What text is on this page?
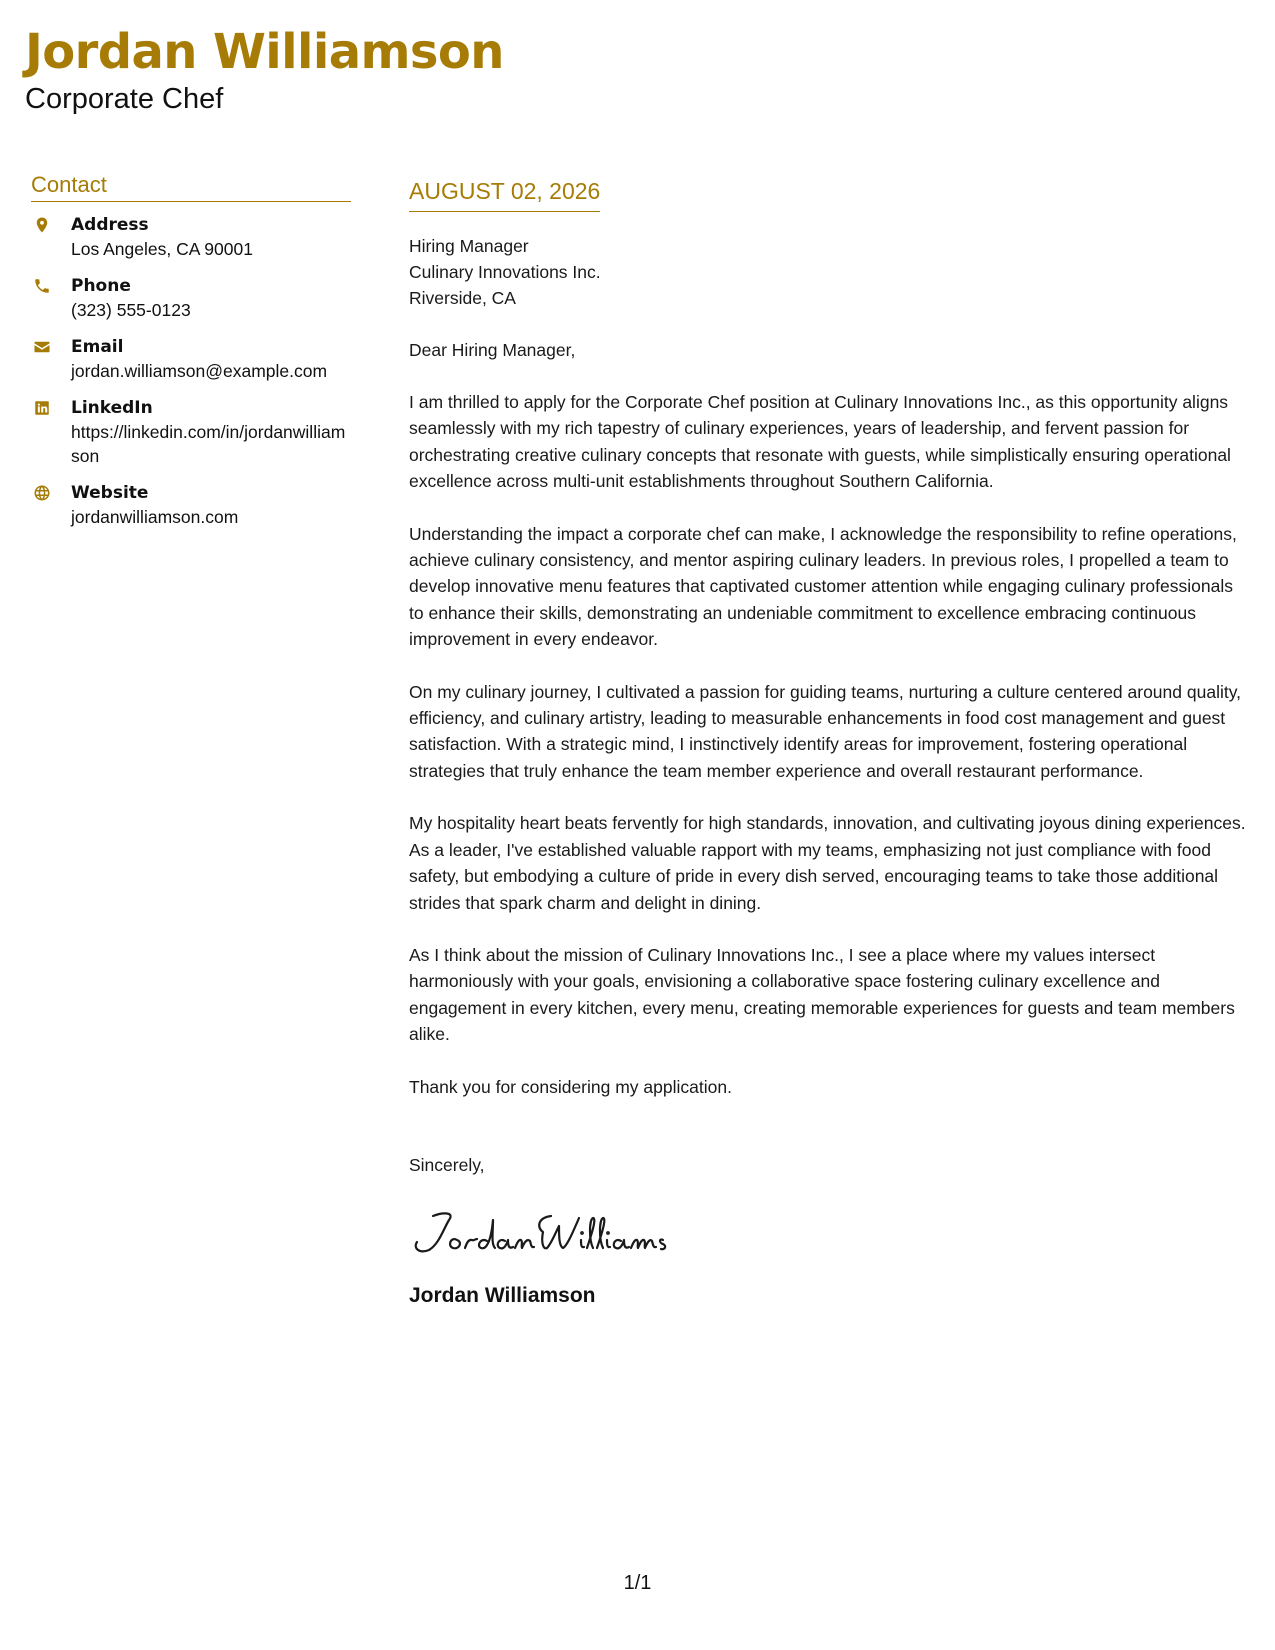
Jordan Williamson
Corporate Chef
Contact
Address
Los Angeles, CA 90001
Phone
(323) 555-0123
Email
jordan.williamson@example.com
LinkedIn
https://linkedin.com/in/jordanwilliamson
Website
jordanwilliamson.com
AUGUST 02, 2026
Hiring Manager
Culinary Innovations Inc.
Riverside, CA
Dear Hiring Manager,

I am thrilled to apply for the Corporate Chef position at Culinary Innovations Inc., as this opportunity aligns seamlessly with my rich tapestry of culinary experiences, years of leadership, and fervent passion for orchestrating creative culinary concepts that resonate with guests, while simplistically ensuring operational excellence across multi-unit establishments throughout Southern California.

Understanding the impact a corporate chef can make, I acknowledge the responsibility to refine operations, achieve culinary consistency, and mentor aspiring culinary leaders. In previous roles, I propelled a team to develop innovative menu features that captivated customer attention while engaging culinary professionals to enhance their skills, demonstrating an undeniable commitment to excellence embracing continuous improvement in every endeavor.

On my culinary journey, I cultivated a passion for guiding teams, nurturing a culture centered around quality, efficiency, and culinary artistry, leading to measurable enhancements in food cost management and guest satisfaction. With a strategic mind, I instinctively identify areas for improvement, fostering operational strategies that truly enhance the team member experience and overall restaurant performance.

My hospitality heart beats fervently for high standards, innovation, and cultivating joyous dining experiences. As a leader, I've established valuable rapport with my teams, emphasizing not just compliance with food safety, but embodying a culture of pride in every dish served, encouraging teams to take those additional strides that spark charm and delight in dining.

As I think about the mission of Culinary Innovations Inc., I see a place where my values intersect harmoniously with your goals, envisioning a collaborative space fostering culinary excellence and engagement in every kitchen, every menu, creating memorable experiences for guests and team members alike.

Thank you for considering my application.

Sincerely,
Jordan Williamson
1/1
